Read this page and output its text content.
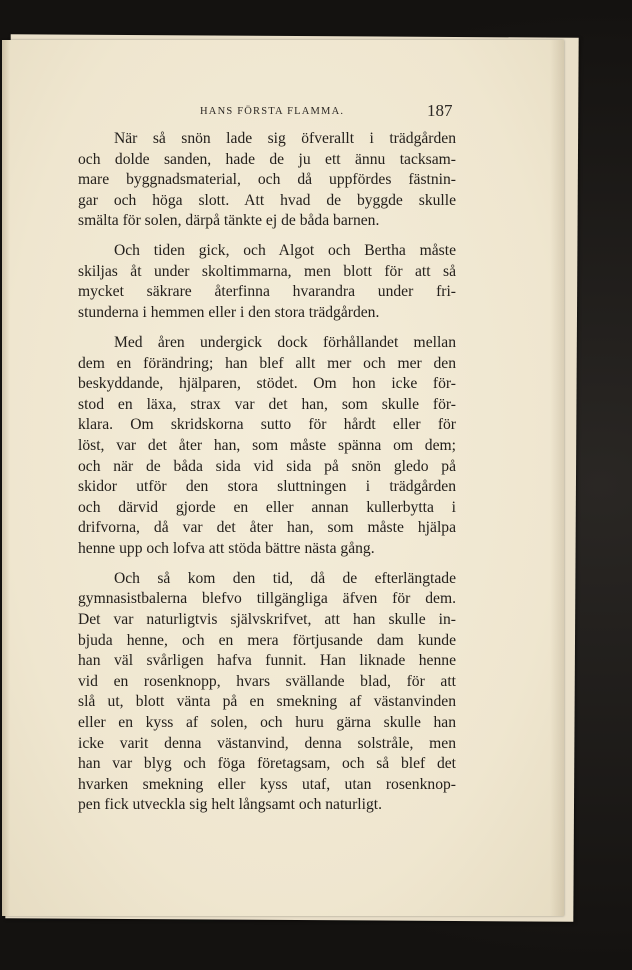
HANS FÖRSTA FLAMMA.	187
När så snön lade sig öfverallt i trädgården
och dolde sanden, hade de ju ett ännu tacksam-
mare byggnadsmaterial, och då uppfördes fästnin-
gar och höga slott. Att hvad de byggde skulle
smälta för solen, därpå tänkte ej de båda barnen.
Och tiden gick, och Algot och Bertha måste
skiljas åt under skoltimmarna, men blott för att så
mycket säkrare återfinna hvarandra under fri-
stunderna i hemmen eller i den stora trädgården.
Med åren undergick dock förhållandet mellan
dem en förändring; han blef allt mer och mer den
beskyddande, hjälparen, stödet. Om hon icke för-
stod en läxa, strax var det han, som skulle för-
klara. Om skridskorna sutto för hårdt eller för
löst, var det åter han, som måste spänna om dem;
och när de båda sida vid sida på snön gledo på
skidor utför den stora sluttningen i trädgården
och därvid gjorde en eller annan kullerbytta i
drifvorna, då var det åter han, som måste hjälpa
henne upp och lofva att stöda bättre nästa gång.
Och så kom den tid, då de efterlängtade
gymnasistbalerna blefvo tillgängliga äfven för dem.
Det var naturligtvis självskrifvet, att han skulle in-
bjuda henne, och en mera förtjusande dam kunde
han väl svårligen hafva funnit. Han liknade henne
vid en rosenknopp, hvars svällande blad, för att
slå ut, blott vänta på en smekning af västanvinden
eller en kyss af solen, och huru gärna skulle han
icke varit denna västanvind, denna solstråle, men
han var blyg och föga företagsam, och så blef det
hvarken smekning eller kyss utaf, utan rosenknop-
pen fick utveckla sig helt långsamt och naturligt.
